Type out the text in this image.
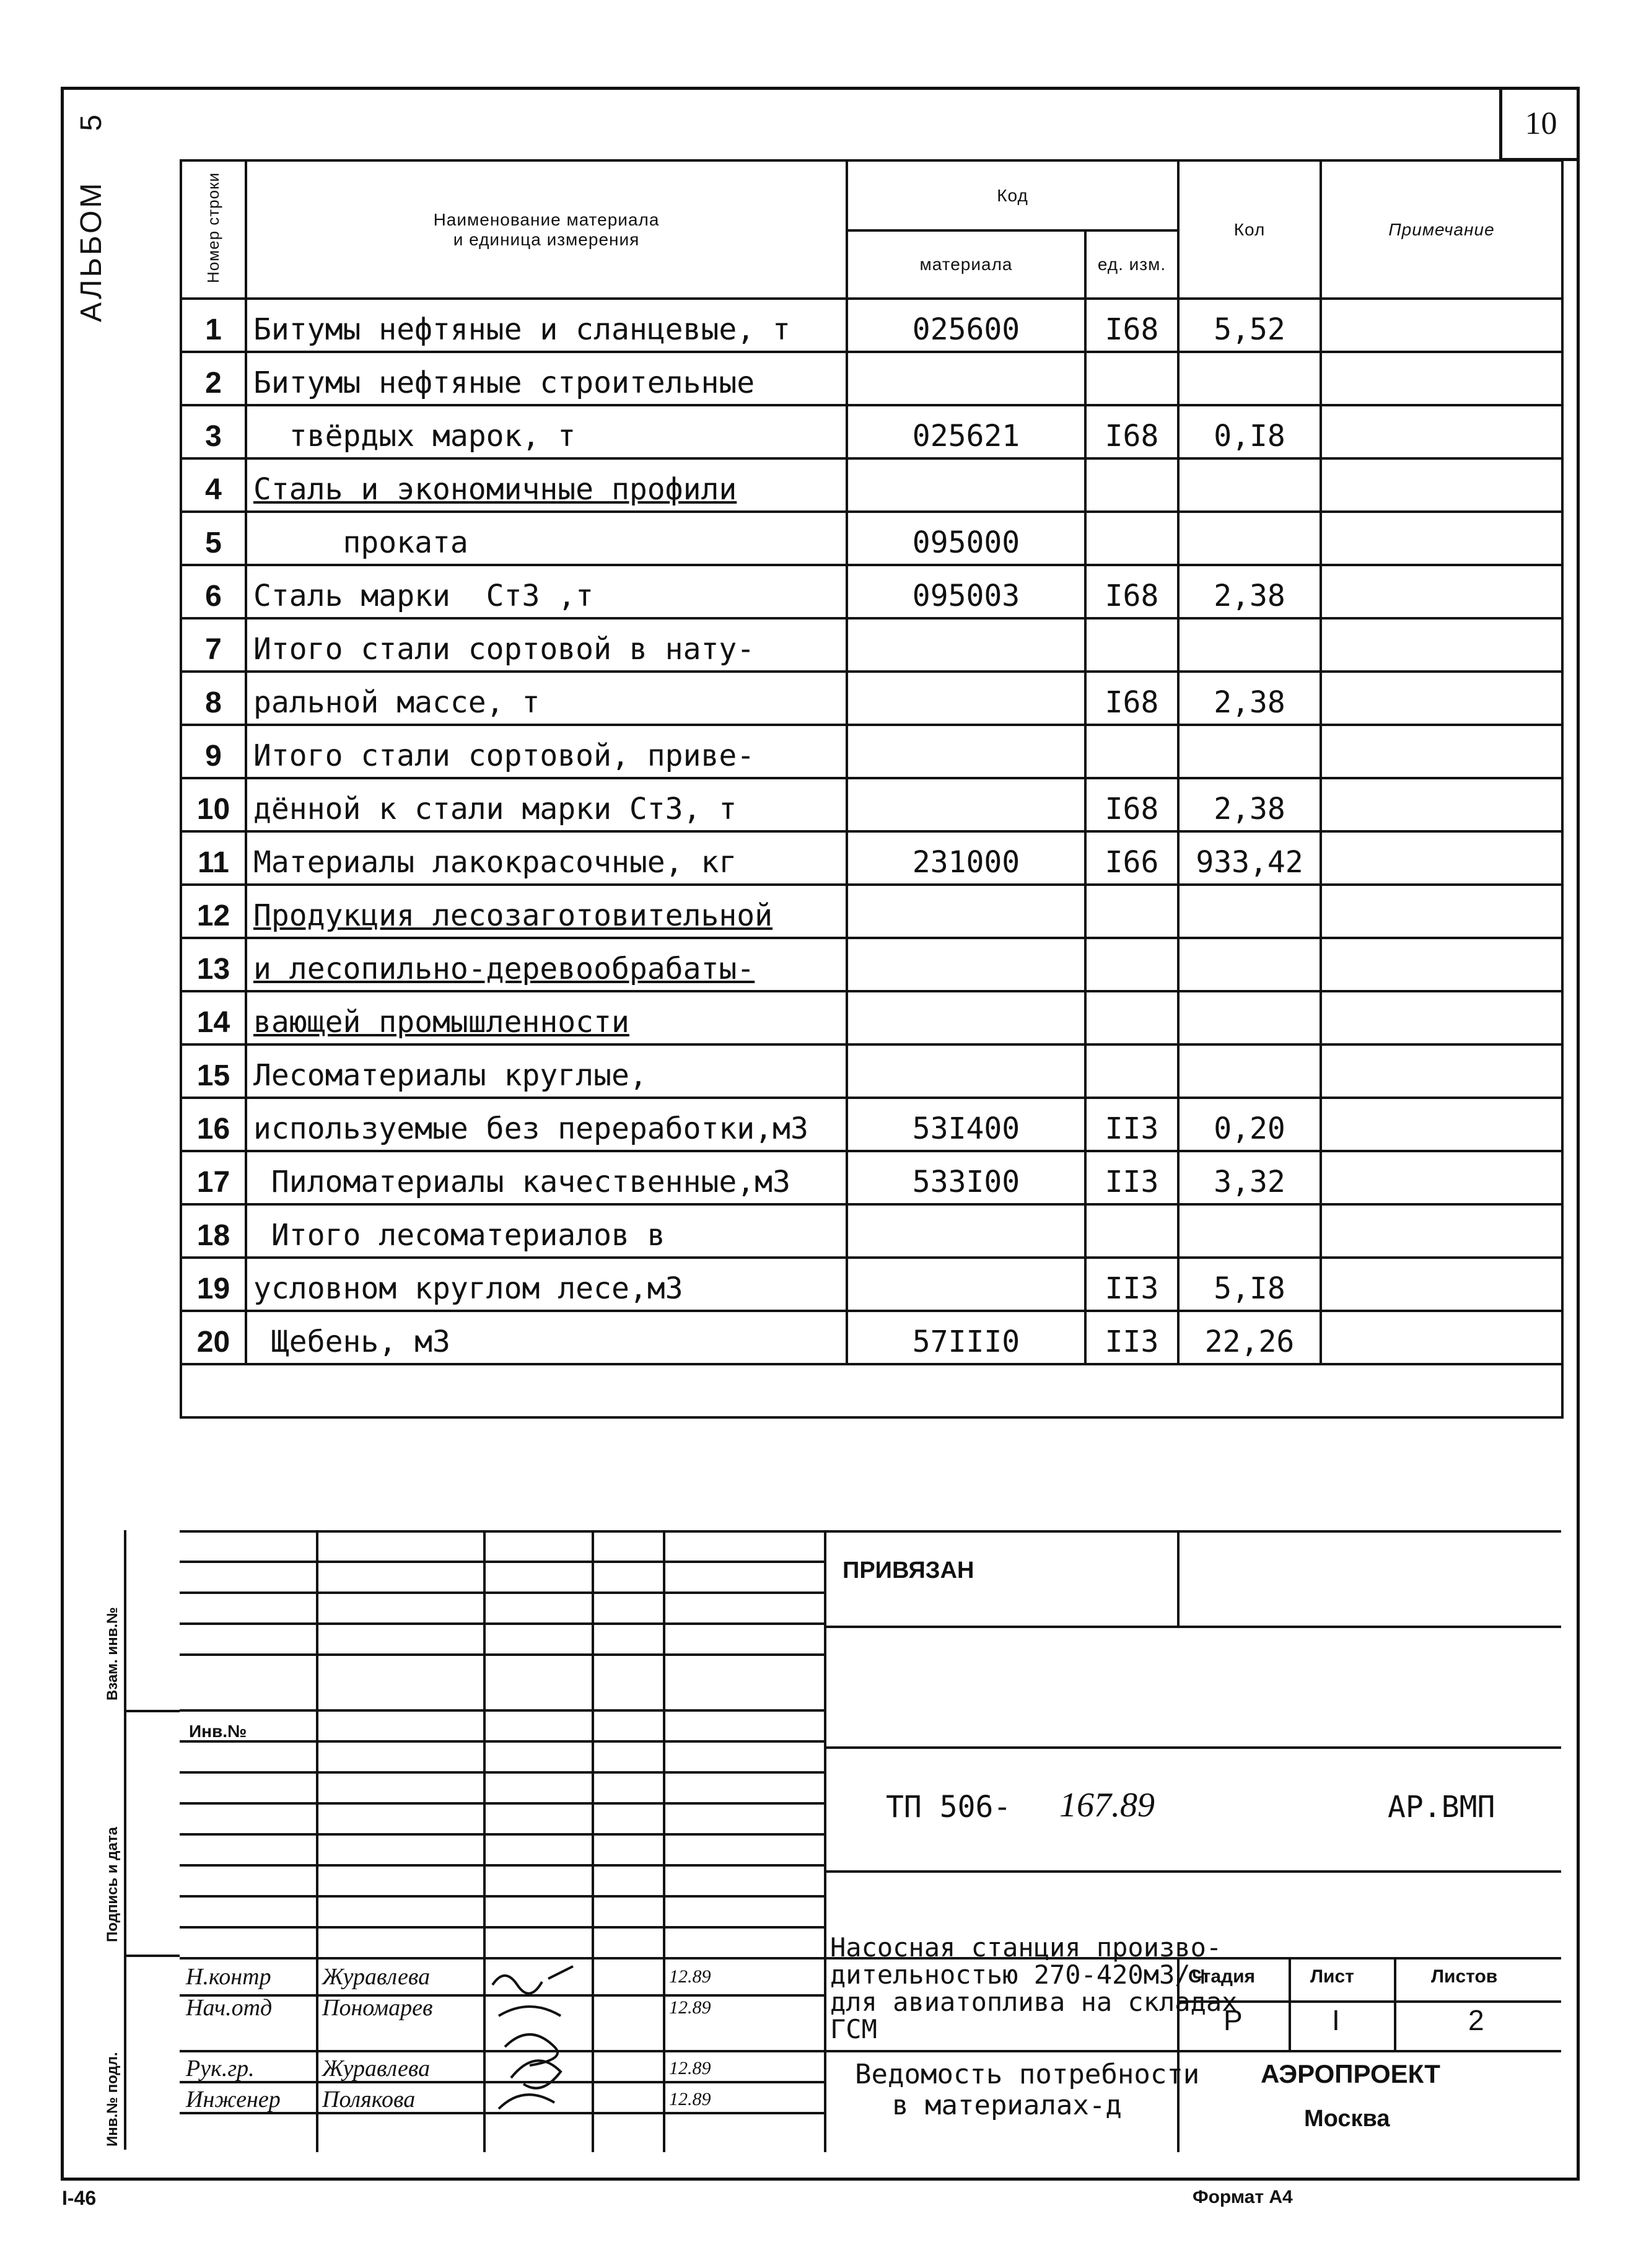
10
АЛЬБОМ5
Номер строки	Наименование материала
и единица измерения	Код		Кол	Примечание
		материала	ед. изм.		
1	Битумы нефтяные и сланцевые, т	025600	I68	5,52	
2	Битумы нефтяные строительные				
3	твёрдых марок, т	025621	I68	0,I8	
4	Сталь и экономичные профили				
5	проката	095000			
6	Сталь марки  Ст3 ,т	095003	I68	2,38	
7	Итого стали сортовой в нату-				
8	ральной массе, т		I68	2,38	
9	Итого стали сортовой, приве-				
10	дённой к стали марки Ст3, т		I68	2,38	
11	Материалы лакокрасочные, кг	231000	I66	933,42	
12	Продукция лесозаготовительной				
13	и лесопильно-деревообрабаты-				
14	вающей промышленности				
15	Лесоматериалы круглые,				
16	используемые без переработки,м3	53I400	II3	0,20	
17	Пиломатериалы качественные,м3	533I00	II3	3,32	
18	Итого лесоматериалов в				
19	условном круглом лесе,м3		II3	5,I8	
20	Щебень, м3	57III0	II3	22,26	

ПРИВЯЗАН
Инв.№
ТП 506- 167.89	АР.ВМП
Насосная станция произво-
дительностью 270-420м3/ч
для авиатоплива на складах
ГСМ
Ведомость потребности
в материалах-д
Стадия	Лист	Листов
Р	I	2
АЭРОПРОЕКТ
Москва
Н.контр Журавлева	12.89
Нач.отд Пономарев	12.89
Рук.гр.	Журавлева	12.89
Инженер Полякова	12.89
Взам. инв.№
Подпись и дата
Инв.№ подл.
I-46	Формат А4
